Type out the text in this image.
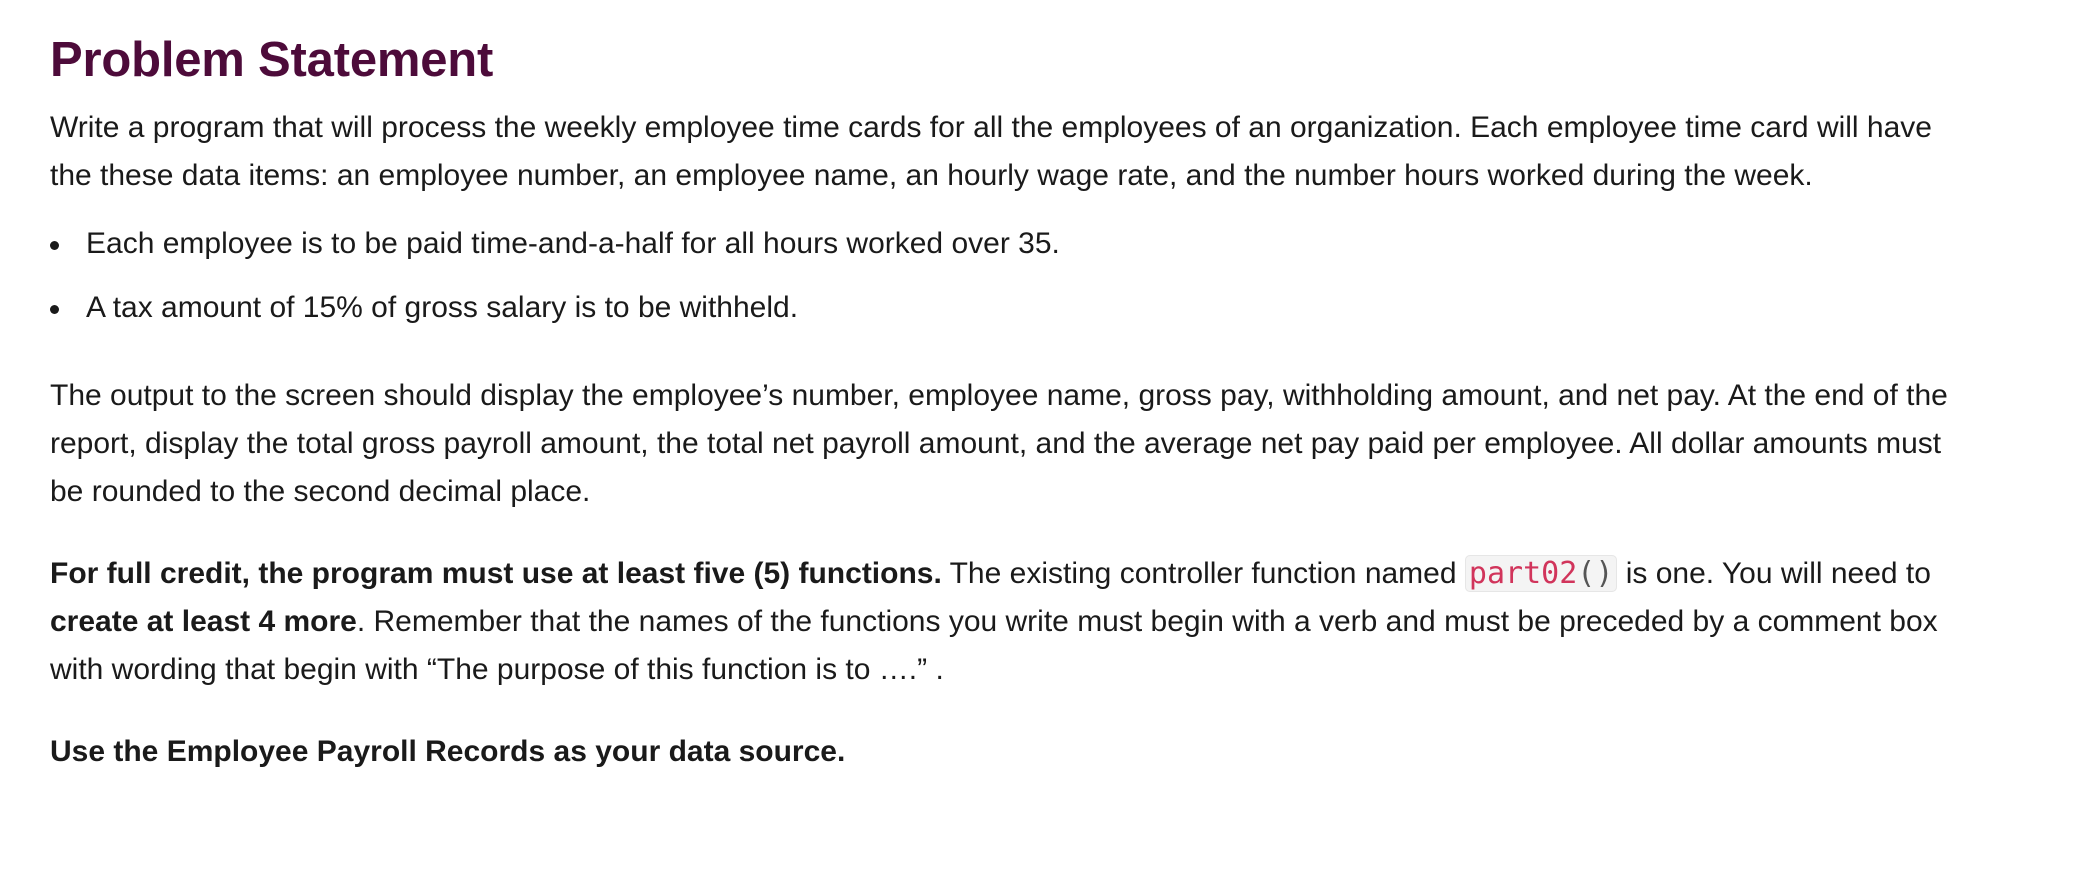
Problem Statement

Write a program that will process the weekly employee time cards for all the employees of an organization. Each employee time card will have the these data items: an employee number, an employee name, an hourly wage rate, and the number hours worked during the week.

Each employee is to be paid time-and-a-half for all hours worked over 35.
A tax amount of 15% of gross salary is to be withheld.

The output to the screen should display the employee’s number, employee name, gross pay, withholding amount, and net pay. At the end of the report, display the total gross payroll amount, the total net payroll amount, and the average net pay paid per employee. All dollar amounts must be rounded to the second decimal place.

For full credit, the program must use at least five (5) functions. The existing controller function named part02() is one. You will need to create at least 4 more. Remember that the names of the functions you write must begin with a verb and must be preceded by a comment box with wording that begin with “The purpose of this function is to ….” .

Use the Employee Payroll Records as your data source.
